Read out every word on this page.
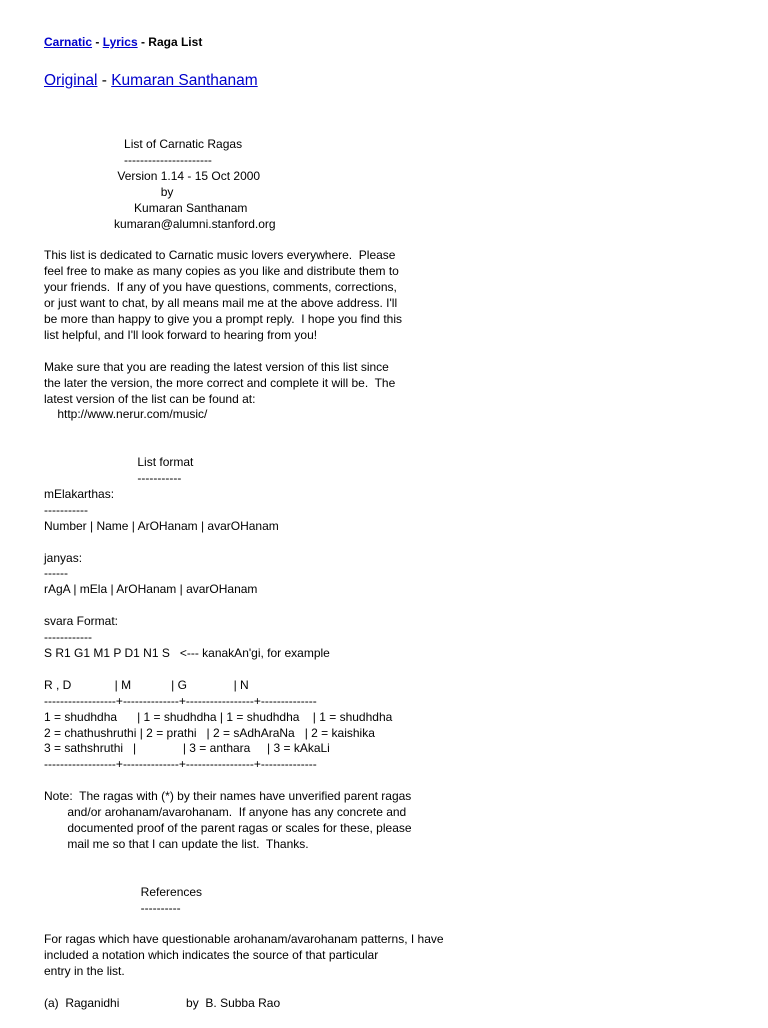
Carnatic - Lyrics - Raga List
Original - Kumaran Santhanam

List of Carnatic Ragas
----------------------
Version 1.14 - 15 Oct 2000
by
Kumaran Santhanam
kumaran@alumni.stanford.org

This list is dedicated to Carnatic music lovers everywhere.  Please
feel free to make as many copies as you like and distribute them to
your friends.  If any of you have questions, comments, corrections,
or just want to chat, by all means mail me at the above address. I'll
be more than happy to give you a prompt reply.  I hope you find this
list helpful, and I'll look forward to hearing from you!

Make sure that you are reading the latest version of this list since
the later the version, the more correct and complete it will be.  The
latest version of the list can be found at:
http://www.nerur.com/music/

List format
-----------
mElakarthas:
-----------
Number | Name | ArOHanam | avarOHanam

janyas:
------
rAgA | mEla | ArOHanam | avarOHanam

svara Format:
------------
S R1 G1 M1 P D1 N1 S   <--- kanakAn'gi, for example

R , D             | M            | G              | N
------------------+--------------+-----------------+--------------
1 = shudhdha      | 1 = shudhdha | 1 = shudhdha    | 1 = shudhdha
2 = chathushruthi | 2 = prathi   | 2 = sAdhAraNa   | 2 = kaishika
3 = sathshruthi   |              | 3 = anthara     | 3 = kAkaLi
------------------+--------------+-----------------+--------------

Note:  The ragas with (*) by their names have unverified parent ragas
and/or arohanam/avarohanam.  If anyone has any concrete and
documented proof of the parent ragas or scales for these, please
mail me so that I can update the list.  Thanks.

References
----------

For ragas which have questionable arohanam/avarohanam patterns, I have
included a notation which indicates the source of that particular
entry in the list.

(a)  Raganidhi                    by  B. Subba Rao
